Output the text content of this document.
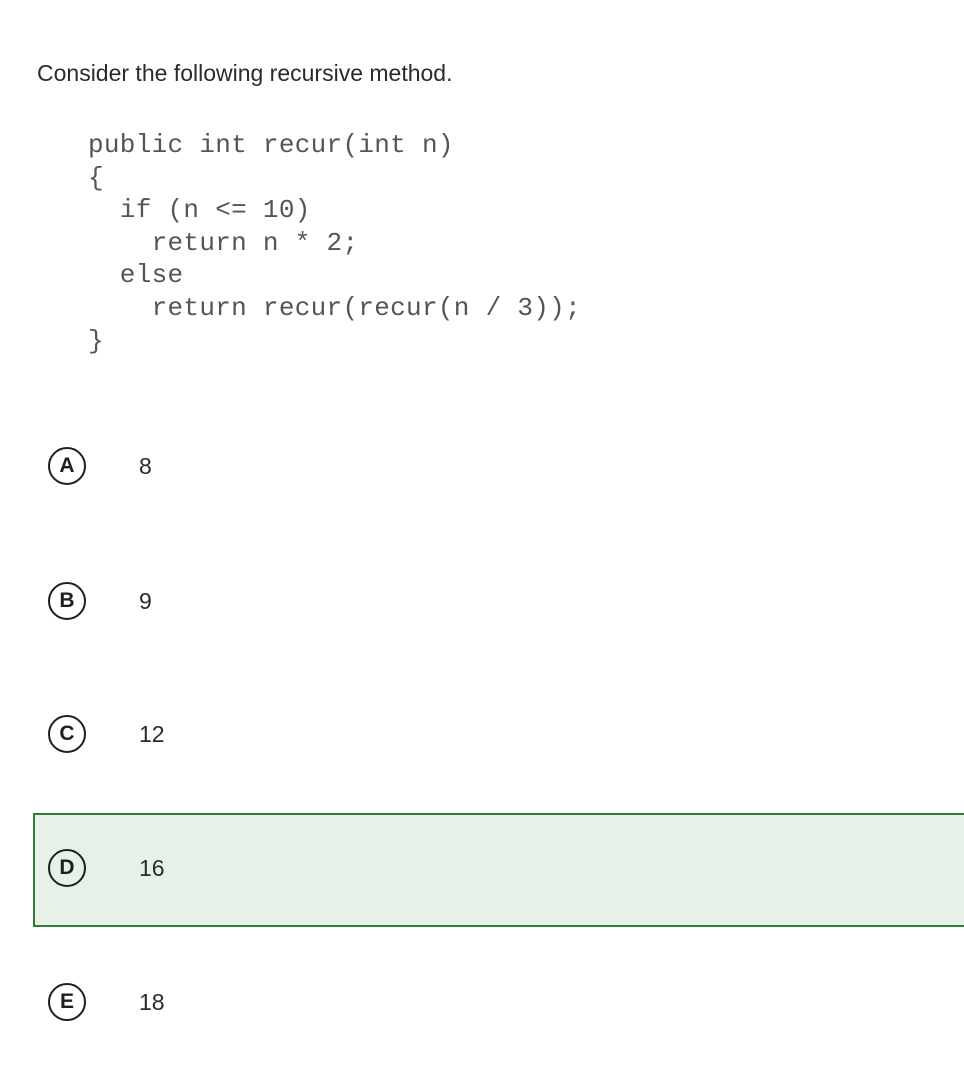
Consider the following recursive method.
public int recur(int n)
{
if (n <= 10)
return n * 2;
else
return recur(recur(n / 3));
}
A	8
B	9
C	12
D	16
E	18
